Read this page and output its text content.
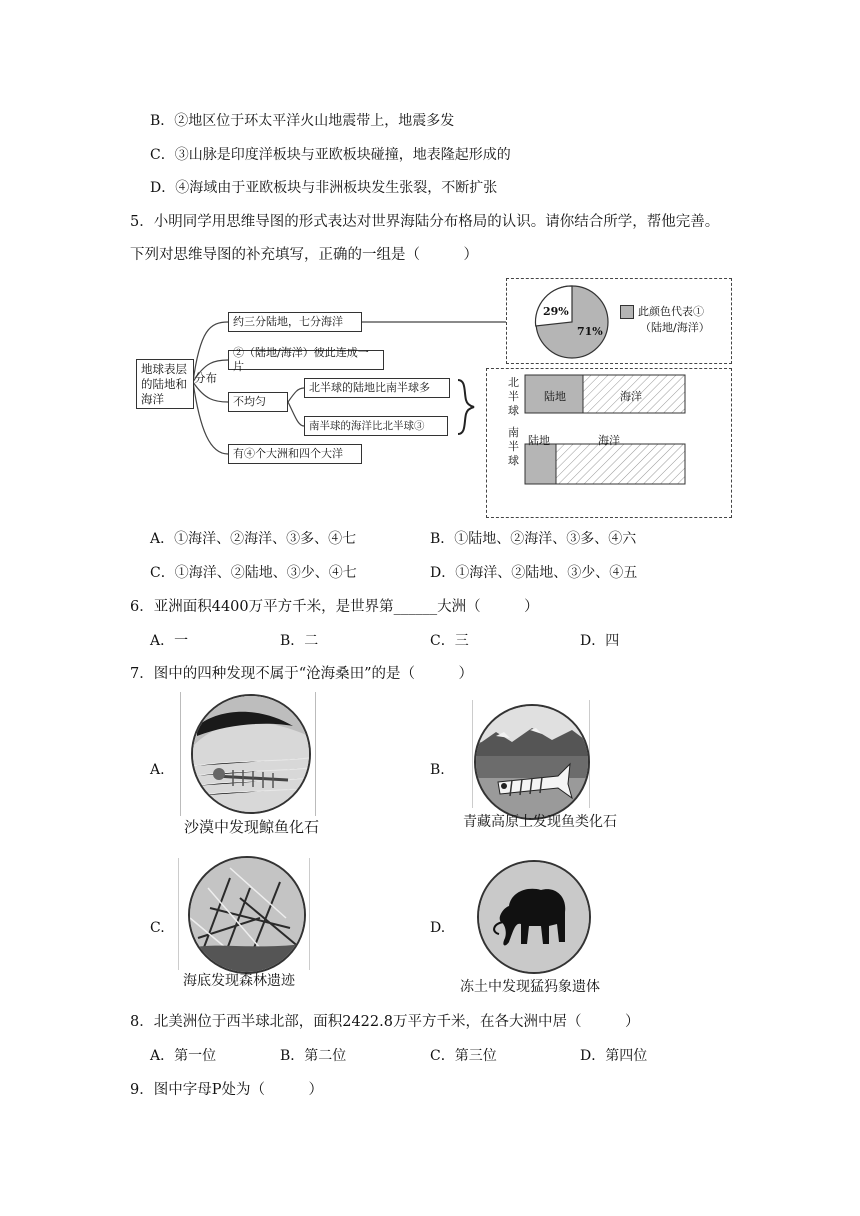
B．②地区位于环太平洋火山地震带上，地震多发
C．③山脉是印度洋板块与亚欧板块碰撞，地表隆起形成的
D．④海域由于亚欧板块与非洲板块发生张裂，不断扩张
5．小明同学用思维导图的形式表达对世界海陆分布格局的认识。请你结合所学，帮他完善。
下列对思维导图的补充填写，正确的一组是（　　　）
地球表层的陆地和海洋
分布
约三分陆地，七分海洋
②（陆地/海洋）彼此连成一片
不均匀
北半球的陆地比南半球多
南半球的海洋比北半球③
有④个大洲和四个大洋
29%
71%
此颜色代表①
（陆地/海洋）
北半球
南半球
陆地	海洋
陆地	海洋
A．①海洋、②海洋、③多、④七	B．①陆地、②海洋、③多、④六
C．①海洋、②陆地、③少、④七	D．①海洋、②陆地、③少、④五
6．亚洲面积4400万平方千米，是世界第______大洲（　　　）
A．一	B．二	C．三	D．四
7．图中的四种发现不属于“沧海桑田”的是（　　　）
A.
沙漠中发现鲸鱼化石
B.
青藏高原上发现鱼类化石
C.
海底发现森林遗迹
D.
冻土中发现猛犸象遗体
8．北美洲位于西半球北部，面积2422.8万平方千米，在各大洲中居（　　　）
A．第一位	B．第二位	C．第三位	D．第四位
9．图中字母P处为（　　　）
